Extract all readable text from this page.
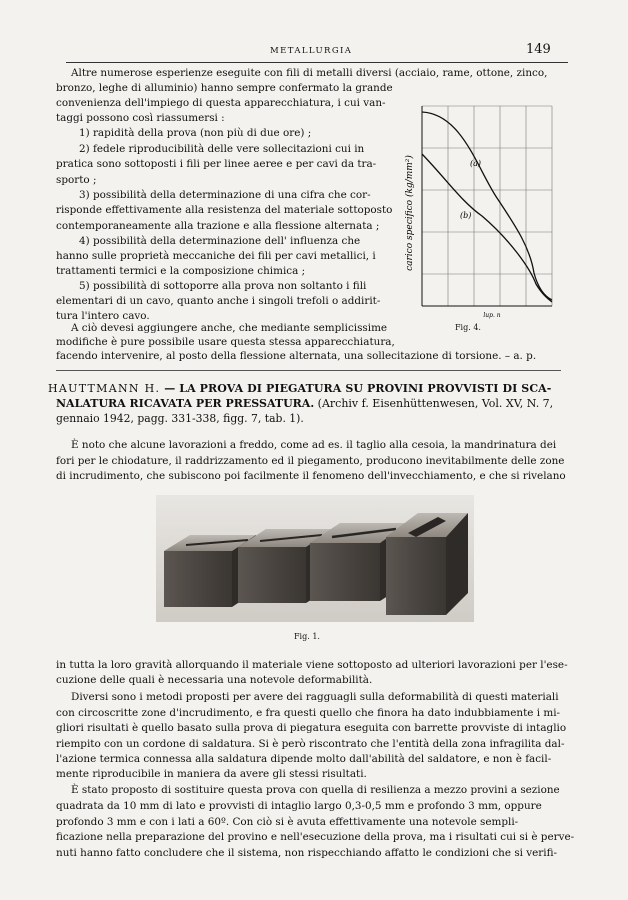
METALLURGIA	149
Altre numerose esperienze eseguite con fili di metalli diversi (acciaio, rame, ottone, zinco,
bronzo, leghe di alluminio) hanno sempre confermato la grande
convenienza dell'impiego di questa apparecchiatura, i cui van-
taggi possono così riassumersi :
1) rapidità della prova (non più di due ore) ;
2) fedele riproducibilità delle vere sollecitazioni cui in
pratica sono sottoposti i fili per linee aeree e per cavi da tra-
sporto ;
3) possibilità della determinazione di una cifra che cor-
risponde effettivamente alla resistenza del materiale sottoposto
contemporaneamente alla trazione e alla flessione alternata ;
4) possibilità della determinazione dell' influenza che
hanno sulle proprietà meccaniche dei fili per cavi metallici, i
trattamenti termici e la composizione chimica ;
5) possibilità di sottoporre alla prova non soltanto i fili
elementari di un cavo, quanto anche i singoli trefoli o addirit-
tura l'intero cavo.
A ciò devesi aggiungere anche, che mediante semplicissime
modifiche è pure possibile usare questa stessa apparecchiatura,
facendo intervenire, al posto della flessione alternata, una sollecitazione di torsione. – a. p.
(a)
(b)
carico specifico (kg/mm²)
lup. n
Fig. 4.
HAUTTMANN H. — LA PROVA DI PIEGATURA SU PROVINI PROVVISTI DI SCA-
NALATURA RICAVATA PER PRESSATURA. (Archiv f. Eisenhüttenwesen, Vol. XV, N. 7,
gennaio 1942, pagg. 331-338, figg. 7, tab. 1).
È noto che alcune lavorazioni a freddo, come ad es. il taglio alla cesoia, la mandrinatura dei
fori per le chiodature, il raddrizzamento ed il piegamento, producono inevitabilmente delle zone
di incrudimento, che subiscono poi facilmente il fenomeno dell'invecchiamento, e che si rivelano
Fig. 1.
in tutta la loro gravità allorquando il materiale viene sottoposto ad ulteriori lavorazioni per l'ese-
cuzione delle quali è necessaria una notevole deformabilità.
Diversi sono i metodi proposti per avere dei ragguagli sulla deformabilità di questi materiali
con circoscritte zone d'incrudimento, e fra questi quello che finora ha dato indubbiamente i mi-
gliori risultati è quello basato sulla prova di piegatura eseguita con barrette provviste di intaglio
riempito con un cordone di saldatura. Si è però riscontrato che l'entità della zona infragilita dal-
l'azione termica connessa alla saldatura dipende molto dall'abilità del saldatore, e non è facil-
mente riproducibile in maniera da avere gli stessi risultati.
È stato proposto di sostituire questa prova con quella di resilienza a mezzo provini a sezione
quadrata da 10 mm di lato e provvisti di intaglio largo 0,3-0,5 mm e profondo 3 mm, oppure
profondo 3 mm e con i lati a 60º. Con ciò si è avuta effettivamente una notevole sempli-
ficazione nella preparazione del provino e nell'esecuzione della prova, ma i risultati cui si è perve-
nuti hanno fatto concludere che il sistema, non rispecchiando affatto le condizioni che si verifi-
